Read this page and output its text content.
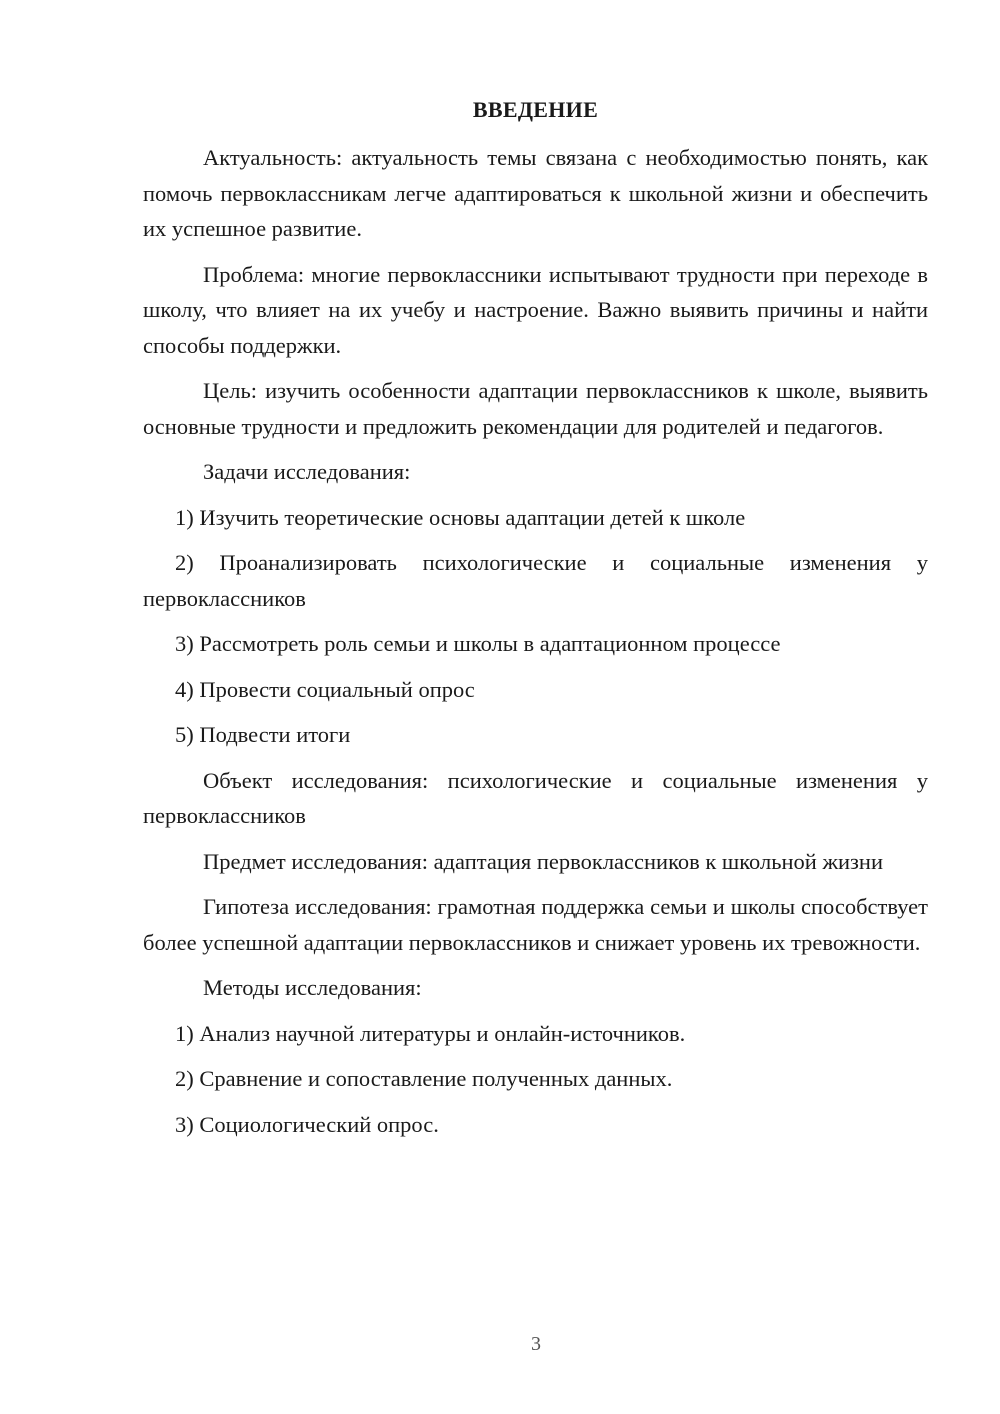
ВВЕДЕНИЕ

Актуальность: актуальность темы связана с необходимостью понять, как помочь первоклассникам легче адаптироваться к школьной жизни и обеспечить их успешное развитие.

Проблема: многие первоклассники испытывают трудности при переходе в школу, что влияет на их учебу и настроение. Важно выявить причины и найти способы поддержки.

Цель: изучить особенности адаптации первоклассников к школе, выявить основные трудности и предложить рекомендации для родителей и педагогов.

Задачи исследования:

1) Изучить теоретические основы адаптации детей к школе

2) Проанализировать психологические и социальные изменения у первоклассников

3) Рассмотреть роль семьи и школы в адаптационном процессе

4) Провести социальный опрос

5) Подвести итоги

Объект исследования: психологические и социальные изменения у первоклассников

Предмет исследования: адаптация первоклассников к школьной жизни

Гипотеза исследования: грамотная поддержка семьи и школы способствует более успешной адаптации первоклассников и снижает уровень их тревожности.

Методы исследования:

1) Анализ научной литературы и онлайн-источников.

2) Сравнение и сопоставление полученных данных.

3) Социологический опрос.

3
